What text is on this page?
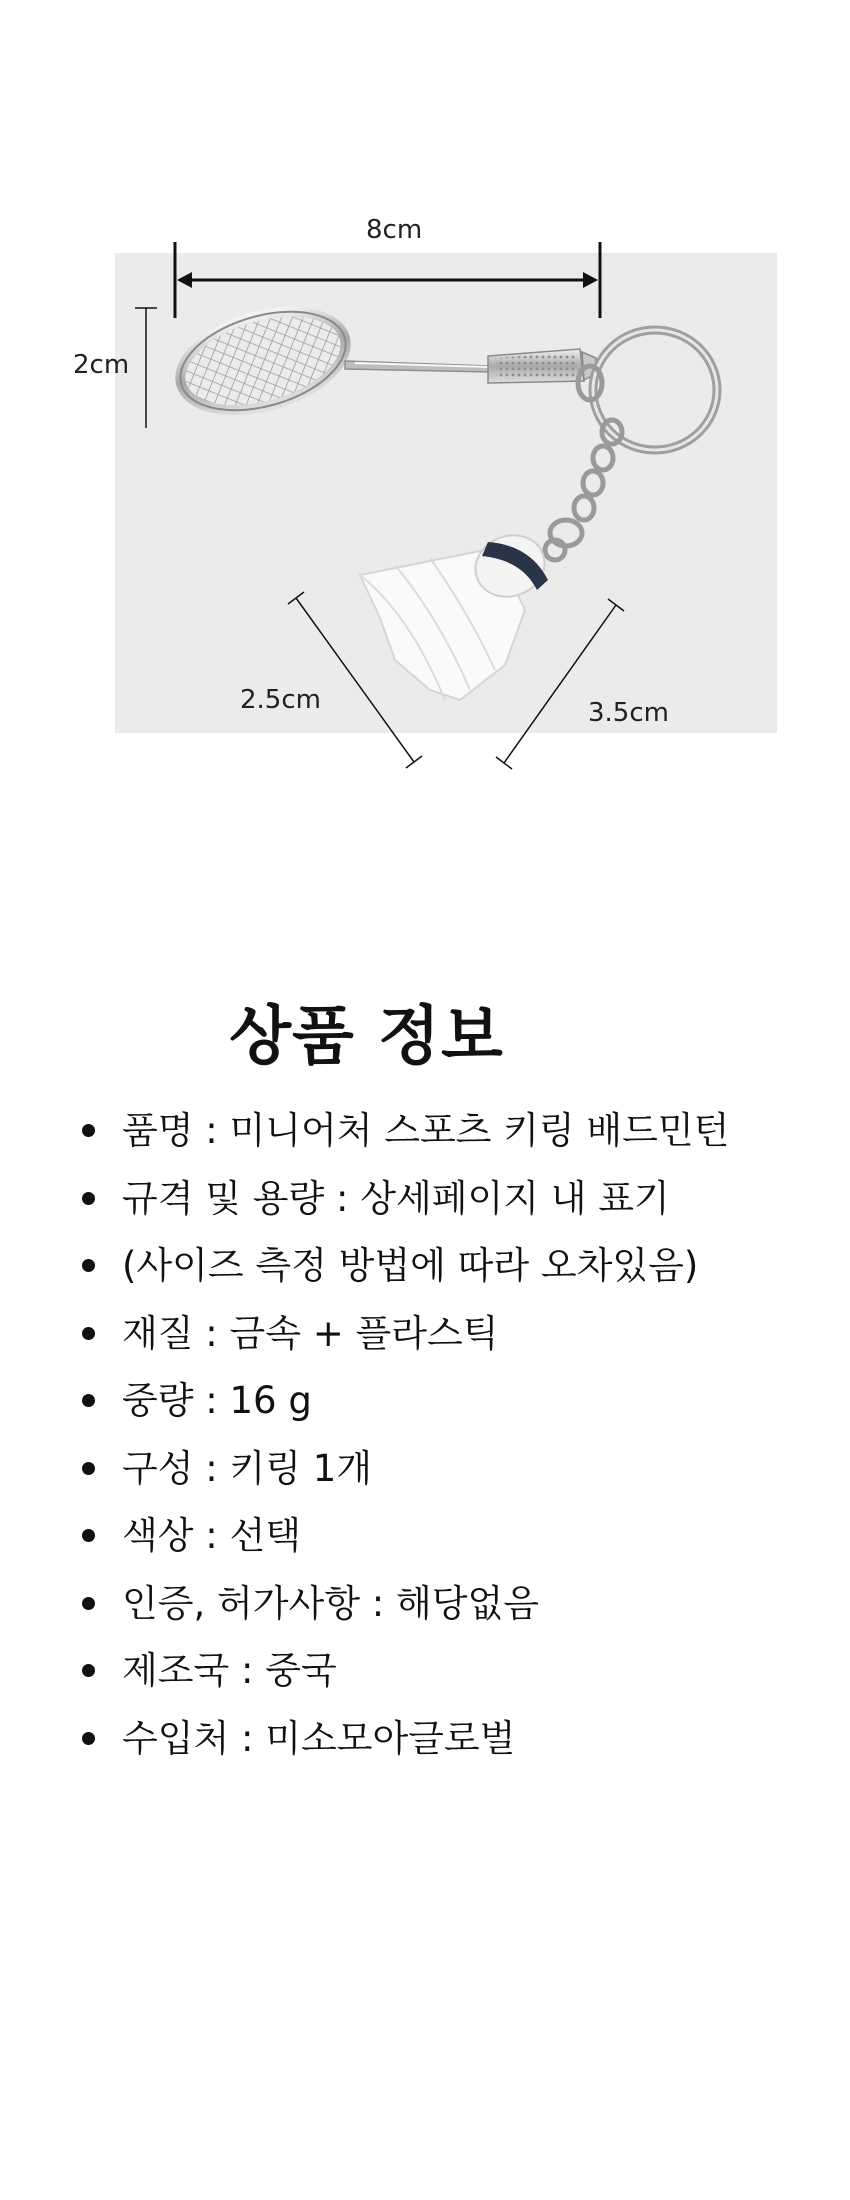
8cm
2cm
2.5cm	3.5cm
상품 정보
품명 : 미니어처 스포츠 키링 배드민턴
규격 및 용량 : 상세페이지 내 표기
(사이즈 측정 방법에 따라 오차있음)
재질 : 금속 + 플라스틱
중량 : 16 g
구성 : 키링 1개
색상 : 선택
인증, 허가사항 : 해당없음
제조국 : 중국
수입처 : 미소모아글로벌
